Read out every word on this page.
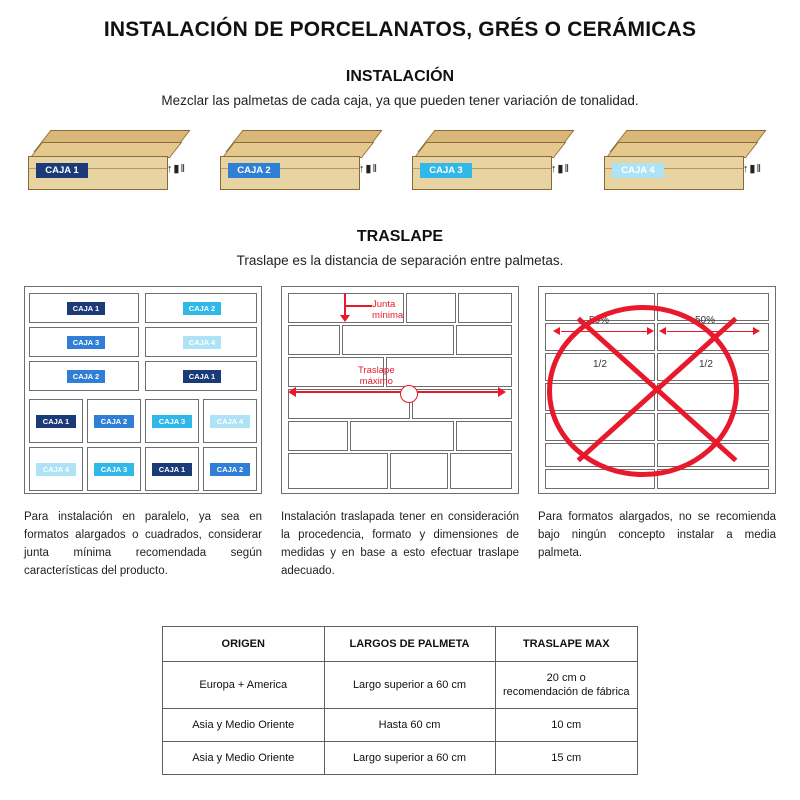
INSTALACIÓN DE PORCELANATOS, GRÉS O CERÁMICAS
INSTALACIÓN
Mezclar las palmetas de cada caja, ya que pueden tener variación de tonalidad.
CAJA 1	↑▮‖	CAJA 2	↑▮‖	CAJA 3	↑▮‖	CAJA 4	↑▮‖
TRASLAPE
Traslape es la distancia de separación entre palmetas.
CAJA 1	CAJA 2
CAJA 3	CAJA 4
CAJA 2	CAJA 1
CAJA 1	CAJA 2	CAJA 3	CAJA 4
CAJA 4	CAJA 3	CAJA 1	CAJA 2
Para instalación en paralelo, ya sea en formatos alargados o cuadrados, considerar junta mínima recomendada según características del producto.
Junta
mínima
Traslape
máximo
Instalación traslapada tener en consideración la procedencia, formato y dimensiones de medidas y en base a esto efectuar traslape adecuado.
50%	50%
1/2	1/2
Para formatos alargados, no se recomienda bajo ningún concepto instalar a media palmeta.
ORIGEN	LARGOS DE PALMETA	TRASLAPE MAX
Europa + America	Largo superior a 60 cm	20 cm o
recomendación de fábrica
Asia y Medio Oriente	Hasta 60 cm	10 cm
Asia y Medio Oriente	Largo superior a 60 cm	15 cm
